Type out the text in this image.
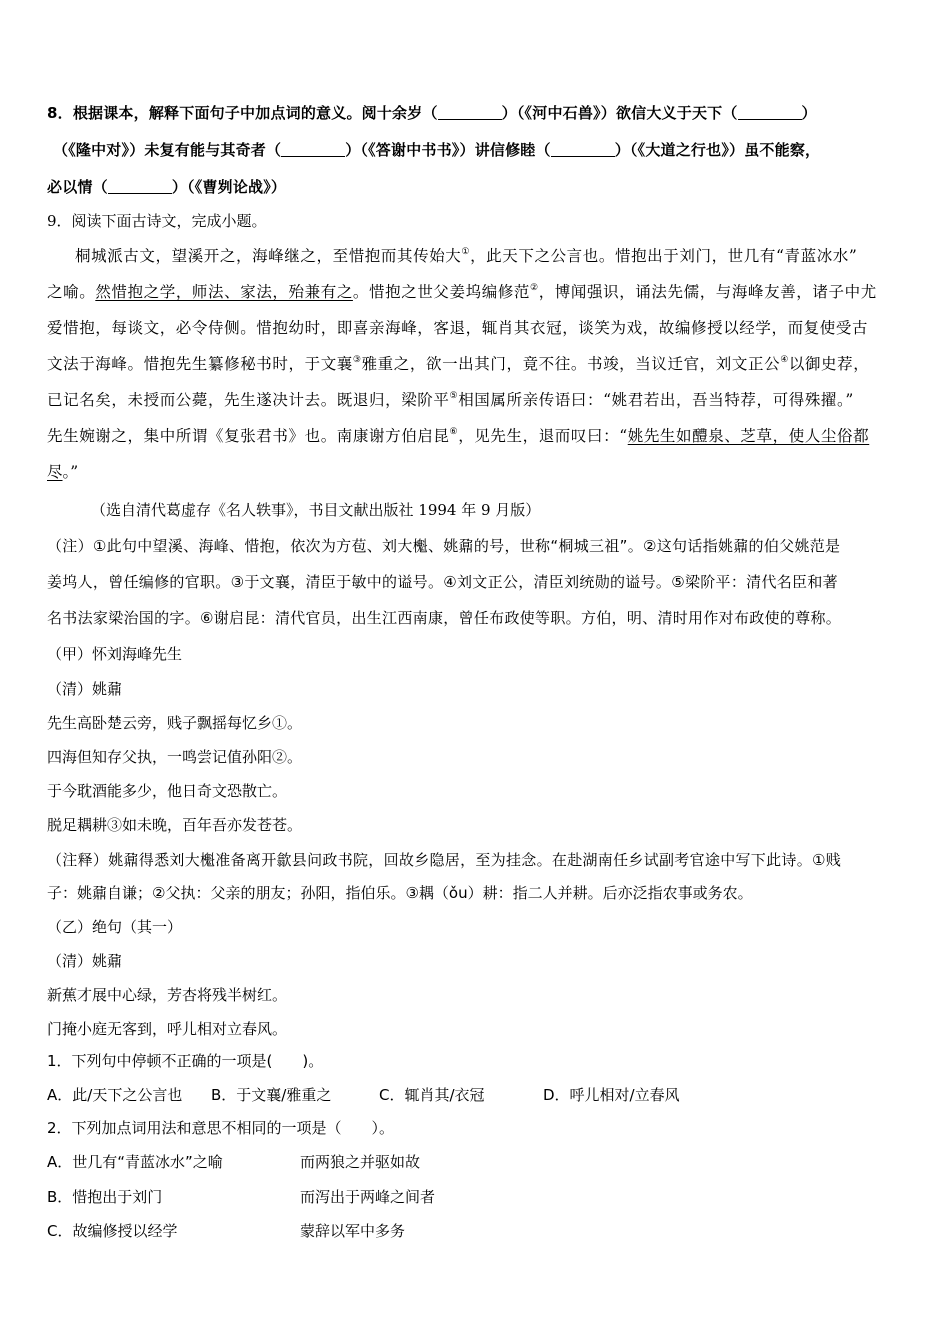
8．根据课本，解释下面句子中加点词的意义。阅十余岁（	）（《河中石兽》）欲信大义于天下（	）
（《隆中对》）未复有能与其奇者（	）（《答谢中书书》）讲信修睦（	）（《大道之行也》）虽不能察，
必以情（	）（《曹刿论战》）
9．阅读下面古诗文，完成小题。
桐城派古文，望溪开之，海峰继之，至惜抱而其传始大①，此天下之公言也。惜抱出于刘门，世几有“青蓝冰水”
之喻。然惜抱之学，师法、家法，殆兼有之。惜抱之世父姜坞编修范②，博闻强识，诵法先儒，与海峰友善，诸子中尤
爱惜抱，每谈文，必令侍侧。惜抱幼时，即喜亲海峰，客退，辄肖其衣冠，谈笑为戏，故编修授以经学，而复使受古
文法于海峰。惜抱先生纂修秘书时，于文襄③雅重之，欲一出其门，竟不往。书竣，当议迁官，刘文正公④以御史荐，
已记名矣，未授而公薨，先生遂决计去。既退归，梁阶平⑤相国属所亲传语曰：“姚君若出，吾当特荐，可得殊擢。”
先生婉谢之，集中所谓《复张君书》也。南康谢方伯启昆⑥，见先生，退而叹曰：“姚先生如醴泉、芝草，使人尘俗都
尽。”
（选自清代葛虚存《名人轶事》，书目文献出版社 1994 年 9 月版）
（注）①此句中望溪、海峰、惜抱，依次为方苞、刘大櫆、姚鼐的号，世称“桐城三祖”。②这句话指姚鼐的伯父姚范是
姜坞人，曾任编修的官职。③于文襄，清臣于敏中的谥号。④刘文正公，清臣刘统勋的谥号。⑤梁阶平：清代名臣和著
名书法家梁治国的字。⑥谢启昆：清代官员，出生江西南康，曾任布政使等职。方伯，明、清时用作对布政使的尊称。
（甲）怀刘海峰先生
（清）姚鼐
先生高卧楚云旁，贱子飘摇每忆乡①。
四海但知存父执，一鸣尝记值孙阳②。
于今耽酒能多少，他日奇文恐散亡。
脱足耦耕③如未晚，百年吾亦发苍苍。
（注释）姚鼐得悉刘大櫆准备离开歙县问政书院，回故乡隐居，至为挂念。在赴湖南任乡试副考官途中写下此诗。①贱
子：姚鼐自谦；②父执：父亲的朋友；孙阳，指伯乐。③耦（ǒu）耕：指二人并耕。后亦泛指农事或务农。
（乙）绝句（其一）
（清）姚鼐
新蕉才展中心绿，芳杏将残半树红。
门掩小庭无客到，呼儿相对立春风。
1．下列句中停顿不正确的一项是(　　)。
A．此/天下之公言也 B．于文襄/雅重之	C．辄肖其/衣冠	D．呼儿相对/立春风
2．下列加点词用法和意思不相同的一项是（　　）。
A．世几有“青蓝冰水”之喻	而两狼之并驱如故
B．惜抱出于刘门	而泻出于两峰之间者
C．故编修授以经学	蒙辞以军中多务
